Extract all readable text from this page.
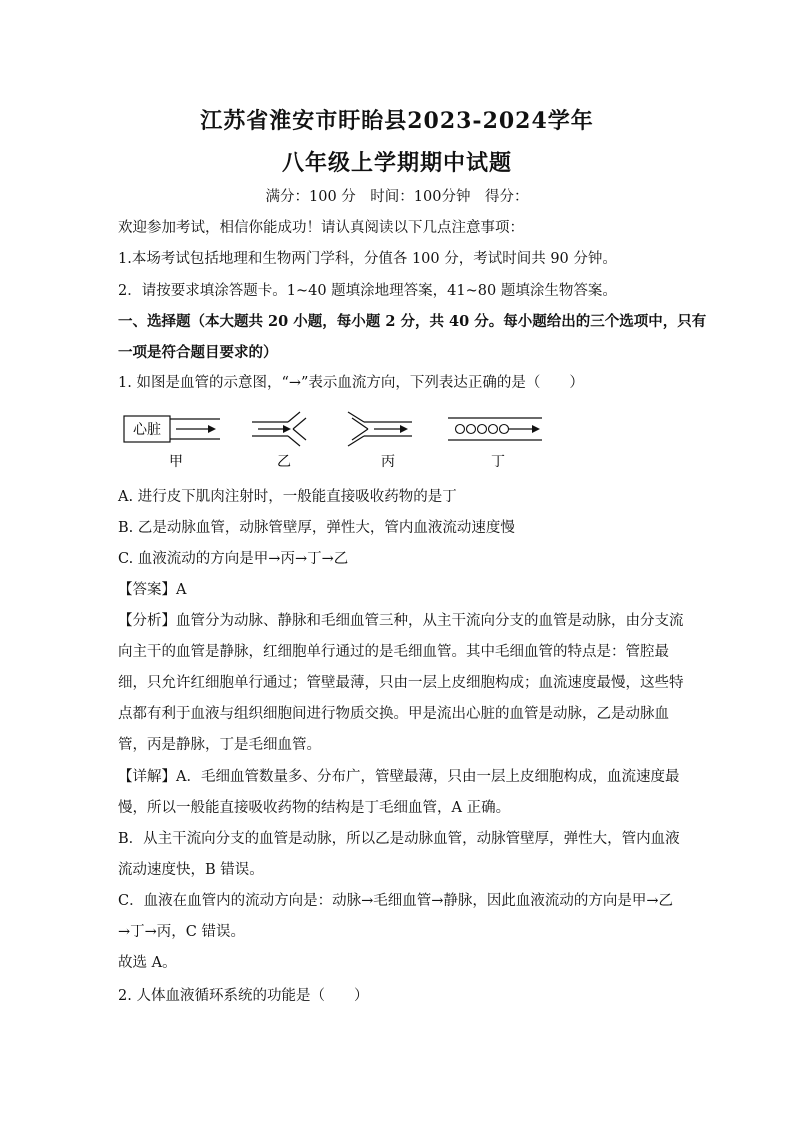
江苏省淮安市盱眙县2023-2024学年
八年级上学期期中试题
满分：100 分　时间：100分钟　得分：
欢迎参加考试，相信你能成功！请认真阅读以下几点注意事项：
1.本场考试包括地理和生物两门学科，分值各 100 分，考试时间共 90 分钟。
2．请按要求填涂答题卡。1~40 题填涂地理答案，41~80 题填涂生物答案。
一、选择题（本大题共 20 小题，每小题 2 分，共 40 分。每小题给出的三个选项中，只有
一项是符合题目要求的）
1. 如图是血管的示意图，“→”表示血流方向，下列表达正确的是（　　）
心脏
甲	乙	丙	丁
A. 进行皮下肌肉注射时，一般能直接吸收药物的是丁
B. 乙是动脉血管，动脉管壁厚，弹性大，管内血液流动速度慢
C. 血液流动的方向是甲→丙→丁→乙
【答案】A
【分析】血管分为动脉、静脉和毛细血管三种，从主干流向分支的血管是动脉，由分支流
向主干的血管是静脉，红细胞单行通过的是毛细血管。其中毛细血管的特点是：管腔最
细，只允许红细胞单行通过；管壁最薄，只由一层上皮细胞构成；血流速度最慢，这些特
点都有利于血液与组织细胞间进行物质交换。甲是流出心脏的血管是动脉，乙是动脉血
管，丙是静脉，丁是毛细血管。
【详解】A．毛细血管数量多、分布广，管壁最薄，只由一层上皮细胞构成，血流速度最
慢，所以一般能直接吸收药物的结构是丁毛细血管，A 正确。
B．从主干流向分支的血管是动脉，所以乙是动脉血管，动脉管壁厚，弹性大，管内血液
流动速度快，B 错误。
C．血液在血管内的流动方向是：动脉→毛细血管→静脉，因此血液流动的方向是甲→乙
→丁→丙，C 错误。
故选 A。
2. 人体血液循环系统的功能是（　　）
